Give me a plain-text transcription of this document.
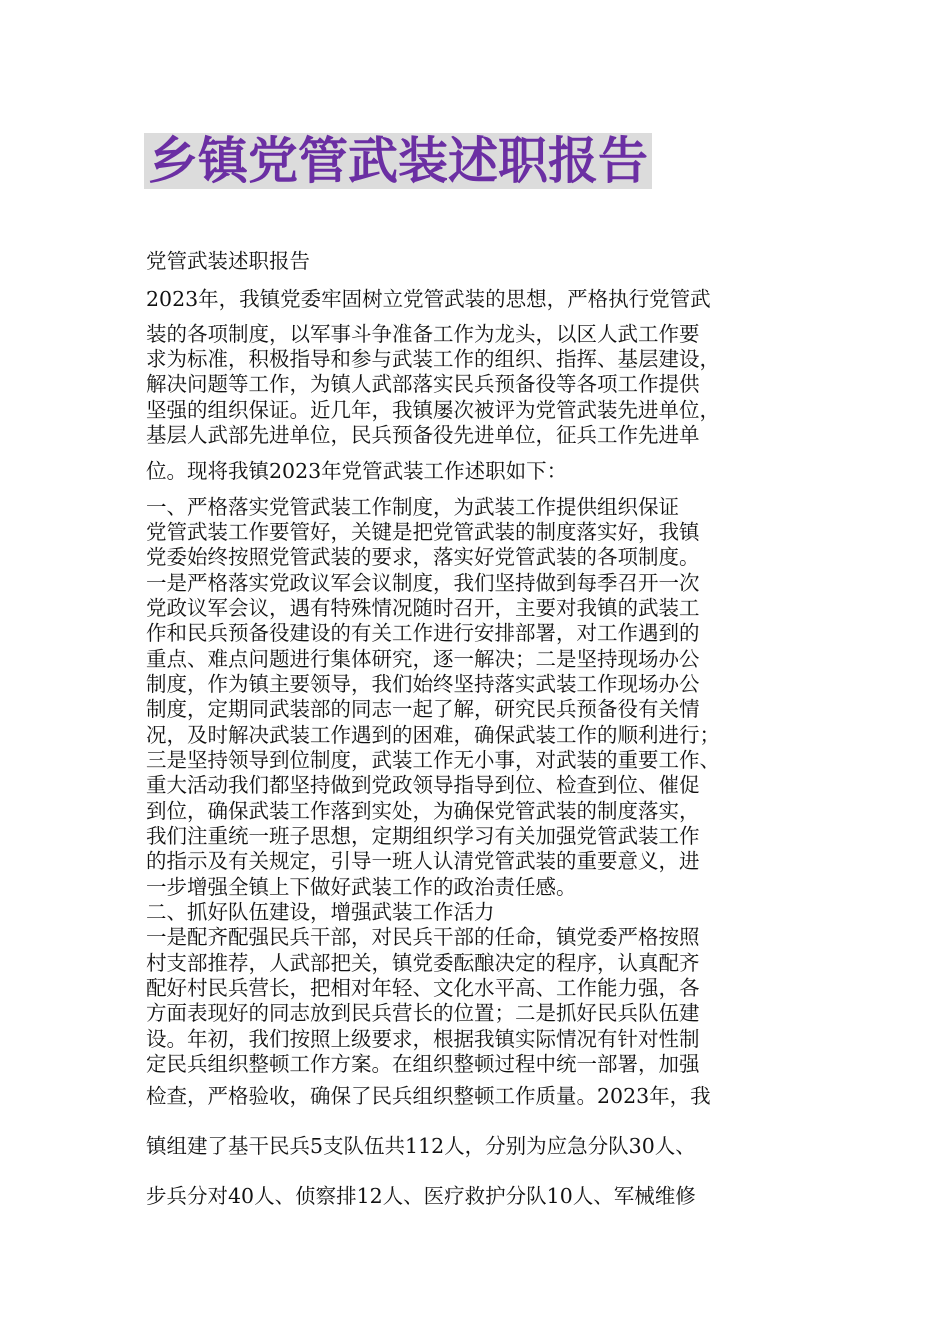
乡镇党管武装述职报告
党管武装述职报告
2023年，我镇党委牢固树立党管武装的思想，严格执行党管武
装的各项制度，以军事斗争准备工作为龙头，以区人武工作要
求为标准，积极指导和参与武装工作的组织、指挥、基层建设，
解决问题等工作，为镇人武部落实民兵预备役等各项工作提供
坚强的组织保证。近几年，我镇屡次被评为党管武装先进单位，
基层人武部先进单位，民兵预备役先进单位，征兵工作先进单
位。现将我镇2023年党管武装工作述职如下：
一、严格落实党管武装工作制度，为武装工作提供组织保证
党管武装工作要管好，关键是把党管武装的制度落实好，我镇
党委始终按照党管武装的要求，落实好党管武装的各项制度。
一是严格落实党政议军会议制度，我们坚持做到每季召开一次
党政议军会议，遇有特殊情况随时召开，主要对我镇的武装工
作和民兵预备役建设的有关工作进行安排部署，对工作遇到的
重点、难点问题进行集体研究，逐一解决；二是坚持现场办公
制度，作为镇主要领导，我们始终坚持落实武装工作现场办公
制度，定期同武装部的同志一起了解，研究民兵预备役有关情
况，及时解决武装工作遇到的困难，确保武装工作的顺利进行；
三是坚持领导到位制度，武装工作无小事，对武装的重要工作、
重大活动我们都坚持做到党政领导指导到位、检查到位、催促
到位，确保武装工作落到实处，为确保党管武装的制度落实，
我们注重统一班子思想，定期组织学习有关加强党管武装工作
的指示及有关规定，引导一班人认清党管武装的重要意义，进
一步增强全镇上下做好武装工作的政治责任感。
二、抓好队伍建设，增强武装工作活力
一是配齐配强民兵干部，对民兵干部的任命，镇党委严格按照
村支部推荐，人武部把关，镇党委酝酿决定的程序，认真配齐
配好村民兵营长，把相对年轻、文化水平高、工作能力强，各
方面表现好的同志放到民兵营长的位置；二是抓好民兵队伍建
设。年初，我们按照上级要求，根据我镇实际情况有针对性制
定民兵组织整顿工作方案。在组织整顿过程中统一部署，加强
检查，严格验收，确保了民兵组织整顿工作质量。2023年，我
镇组建了基干民兵5支队伍共112人，分别为应急分队30人、
步兵分对40人、侦察排12人、医疗救护分队10人、军械维修
